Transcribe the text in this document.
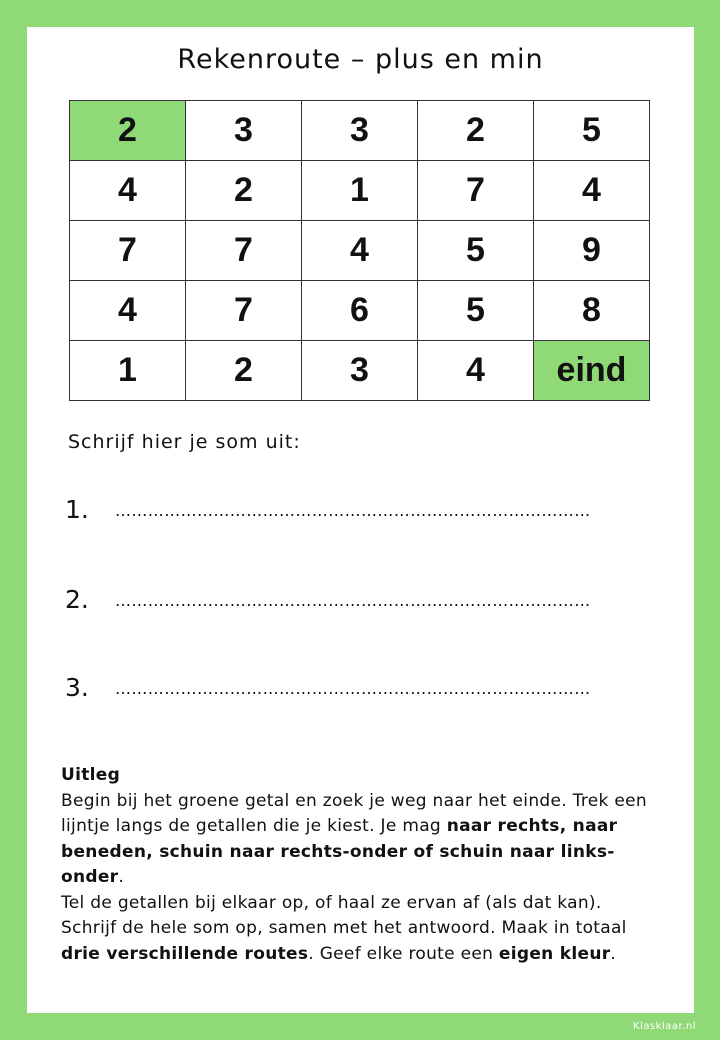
Rekenroute – plus en min
2	3	3	2	5
4	2	1	7	4
7	7	4	5	9
4	7	6	5	8
1	2	3	4	eind
Schrijf hier je som uit:
1. ……………………………………………………………………………
2. ……………………………………………………………………………
3. ……………………………………………………………………………
Uitleg

Begin bij het groene getal en zoek je weg naar het einde. Trek een lijntje langs de getallen die je kiest. Je mag naar rechts, naar beneden, schuin naar rechts-onder of schuin naar links-onder.

Tel de getallen bij elkaar op, of haal ze ervan af (als dat kan). Schrijf de hele som op, samen met het antwoord. Maak in totaal drie verschillende routes. Geef elke route een eigen kleur.

Klasklaar.nl
